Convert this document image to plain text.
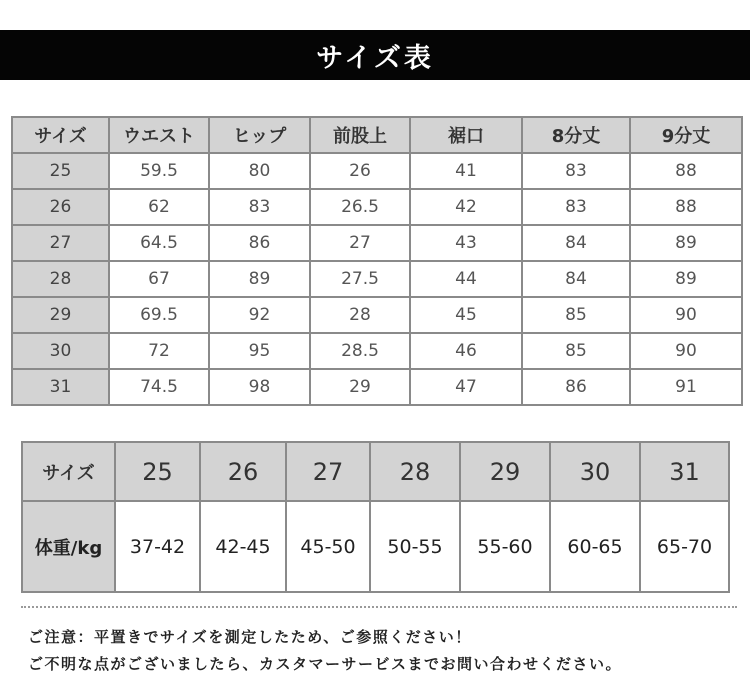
サイズ表
サイズ	ウエスト	ヒップ	前股上	裾口	8分丈	9分丈
25	59.5	80	26	41	83	88
26	62	83	26.5	42	83	88
27	64.5	86	27	43	84	89
28	67	89	27.5	44	84	89
29	69.5	92	28	45	85	90
30	72	95	28.5	46	85	90
31	74.5	98	29	47	86	91
サイズ	25	26	27	28	29	30	31
体重/kg	37-42	42-45	45-50	50-55	55-60	60-65	65-70
ご注意：平置きでサイズを測定したため、ご参照ください！
ご不明な点がございましたら、カスタマーサービスまでお問い合わせください。
